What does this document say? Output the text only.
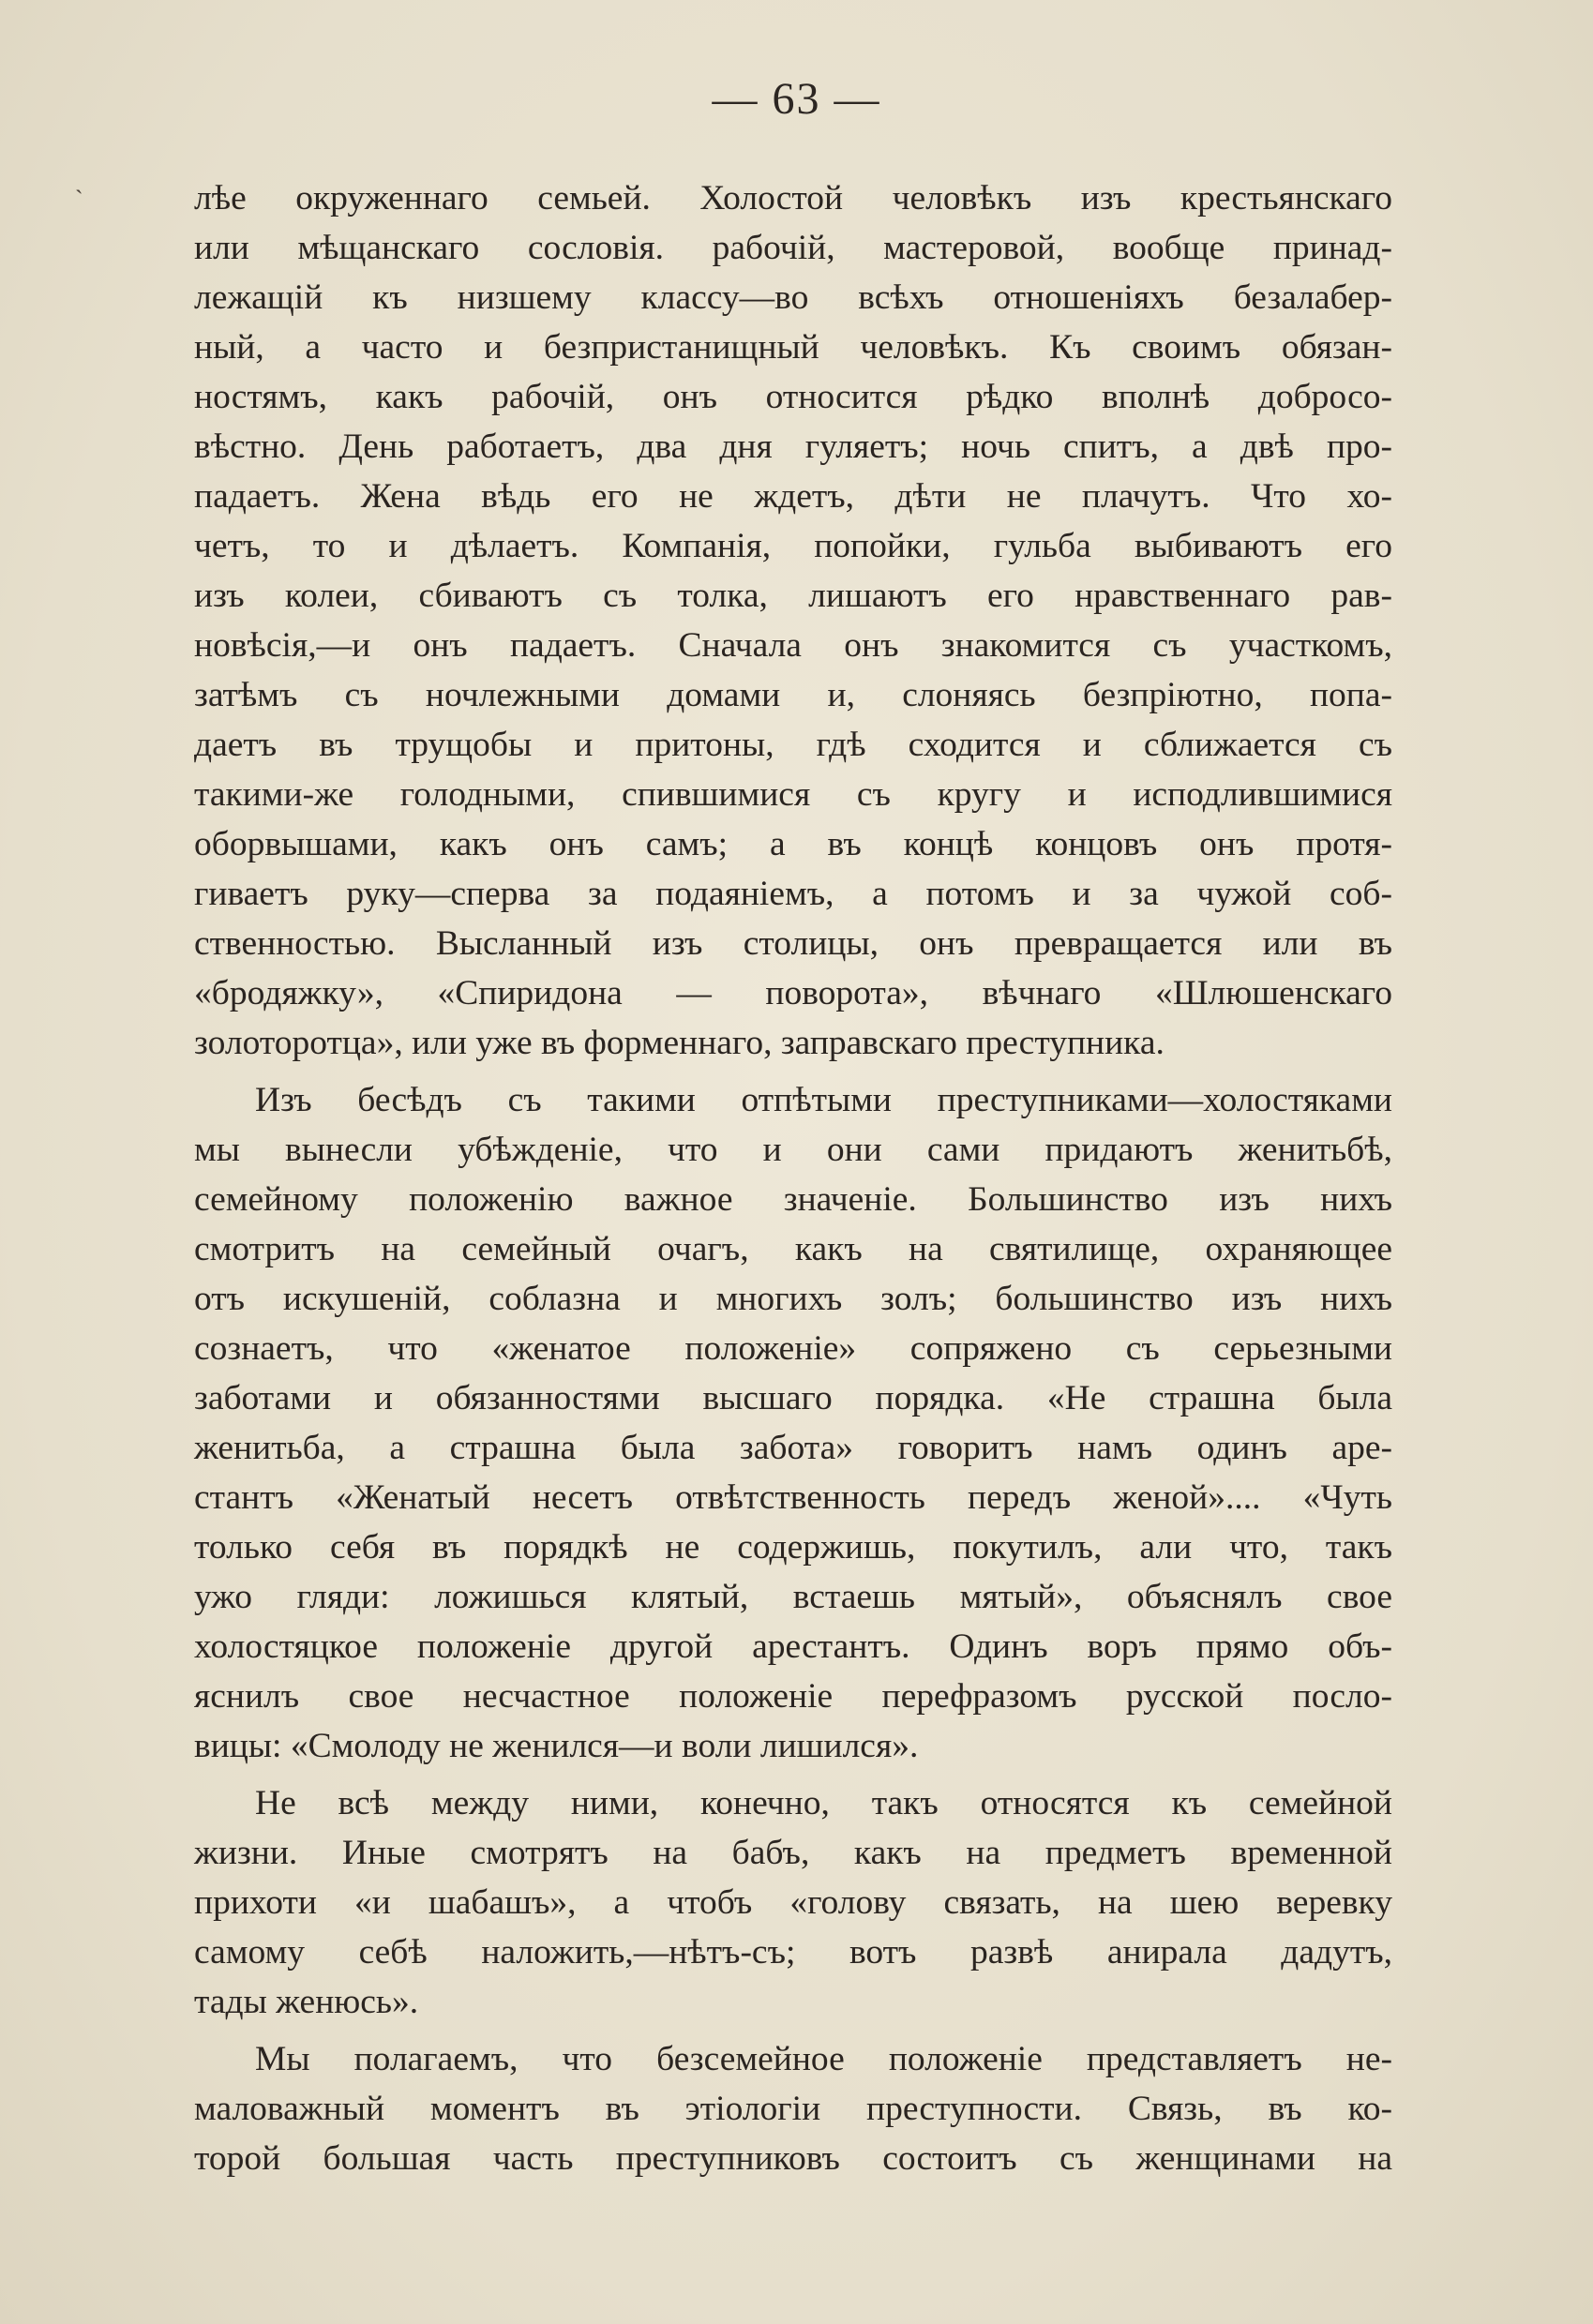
— 63 —
`	лѣе окруженнаго семьей. Холостой человѣкъ изъ крестьянскаго
или мѣщанскаго сословія. рабочій, мастеровой, вообще принад-
лежащій къ низшему классу—во всѣхъ отношеніяхъ безалабер-
ный, а часто и безпристанищный человѣкъ. Къ своимъ обязан-
ностямъ, какъ рабочій, онъ относится рѣдко вполнѣ добросо-
вѣстно. День работаетъ, два дня гуляетъ; ночь спитъ, а двѣ про-
падаетъ. Жена вѣдь его не ждетъ, дѣти не плачутъ. Что хо-
четъ, то и дѣлаетъ. Компанія, попойки, гульба выбиваютъ его
изъ колеи, сбиваютъ съ толка, лишаютъ его нравственнаго рав-
новѣсія,—и онъ падаетъ. Сначала онъ знакомится съ участкомъ,
затѣмъ съ ночлежными домами и, слоняясь безпріютно, попа-
даетъ въ трущобы и притоны, гдѣ сходится и сближается съ
такими-же голодными, спившимися съ кругу и исподлившимися
оборвышами, какъ онъ самъ; а въ концѣ концовъ онъ протя-
гиваетъ руку—сперва за подаяніемъ, а потомъ и за чужой соб-
ственностью. Высланный изъ столицы, онъ превращается или въ
«бродяжку», «Спиридона — поворота», вѣчнаго «Шлюшенскаго
золоторотца», или уже въ форменнаго, заправскаго преступника.
Изъ бесѣдъ съ такими отпѣтыми преступниками—холостяками
мы вынесли убѣжденіе, что и они сами придаютъ женитьбѣ,
семейному положенію важное значеніе. Большинство изъ нихъ
смотритъ на семейный очагъ, какъ на святилище, охраняющее
отъ искушеній, соблазна и многихъ золъ; большинство изъ нихъ
сознаетъ, что «женатое положеніе» сопряжено съ серьезными
заботами и обязанностями высшаго порядка. «Не страшна была
женитьба, а страшна была забота» говоритъ намъ одинъ аре-
стантъ «Женатый несетъ отвѣтственность передъ женой».... «Чуть
только себя въ порядкѣ не содержишь, покутилъ, али что, такъ
ужо гляди: ложишься клятый, встаешь мятый», объяснялъ свое
холостяцкое положеніе другой арестантъ. Одинъ воръ прямо объ-
яснилъ свое несчастное положеніе перефразомъ русской посло-
вицы: «Смолоду не женился—и воли лишился».
Не всѣ между ними, конечно, такъ относятся къ семейной
жизни. Иные смотрятъ на бабъ, какъ на предметъ временной
прихоти «и шабашъ», а чтобъ «голову связать, на шею веревку
самому себѣ наложить,—нѣтъ-съ; вотъ развѣ анирала дадутъ,
тады женюсь».
Мы полагаемъ, что безсемейное положеніе представляетъ не-
маловажный моментъ въ этіологіи преступности. Связь, въ ко-
торой большая часть преступниковъ состоитъ съ женщинами на
